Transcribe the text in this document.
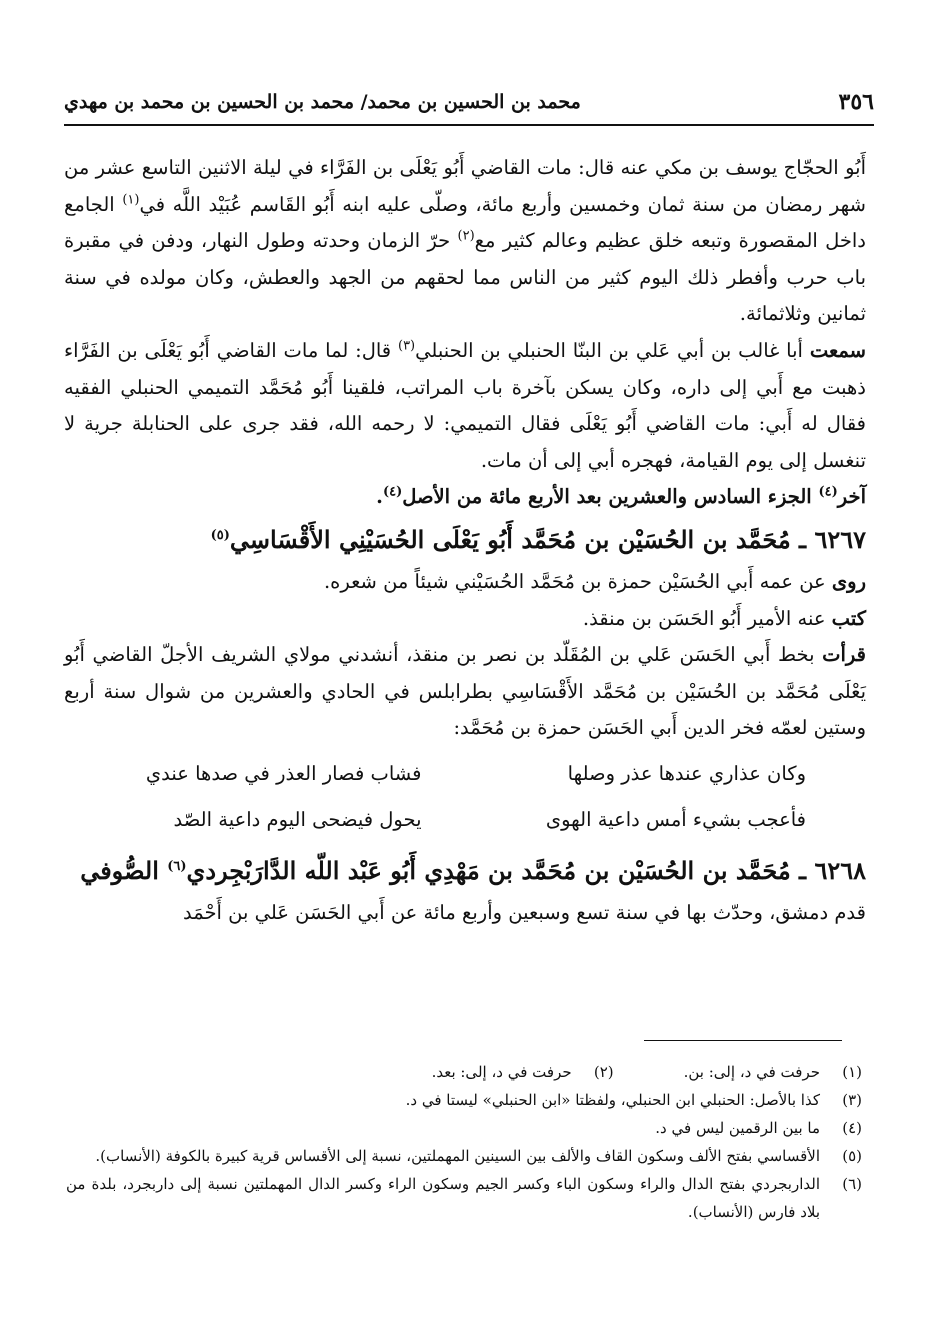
٣٥٦
محمد بن الحسين بن محمد/ محمد بن الحسين بن محمد بن مهدي

أَبُو الحجّاج يوسف بن مكي عنه قال: مات القاضي أَبُو يَعْلَى بن الفَرَّاء في ليلة الاثنين التاسع عشر من شهر رمضان من سنة ثمان وخمسين وأربع مائة، وصلّى عليه ابنه أَبُو القَاسم عُبَيْد اللَّه في$^{(١)}$ الجامع داخل المقصورة وتبعه خلق عظيم وعالم كثير مع$^{(٢)}$ حرّ الزمان وحدته وطول النهار، ودفن في مقبرة باب حرب وأفطر ذلك اليوم كثير من الناس مما لحقهم من الجهد والعطش، وكان مولده في سنة ثمانين وثلاثمائة.

سمعت أبا غالب بن أبي عَلي بن البنّا الحنبلي بن الحنبلي$^{(٣)}$ قال: لما مات القاضي أَبُو يَعْلَى بن الفَرَّاء ذهبت مع أَبي إلى داره، وكان يسكن بآخرة باب المراتب، فلقينا أَبُو مُحَمَّد التميمي الحنبلي الفقيه فقال له أَبي: مات القاضي أَبُو يَعْلَى فقال التميمي: لا رحمه الله، فقد جرى على الحنابلة جرية لا تنغسل إلى يوم القيامة، فهجره أبي إلى أن مات.

آخر$^{(٤)}$ الجزء السادس والعشرين بعد الأربع مائة من الأصل$^{(٤)}$.

٦٢٦٧ ـ مُحَمَّد بن الحُسَيْن بن مُحَمَّد أَبُو يَعْلَى الحُسَيْنِي الأَقْسَاسِي$^{(٥)}$

روى عن عمه أَبي الحُسَيْن حمزة بن مُحَمَّد الحُسَيْني شيئاً من شعره.

كتب عنه الأمير أَبُو الحَسَن بن منقذ.

قرأت بخط أَبي الحَسَن عَلي بن المُقَلّد بن نصر بن منقذ، أنشدني مولاي الشريف الأجلّ القاضي أَبُو يَعْلَى مُحَمَّد بن الحُسَيْن بن مُحَمَّد الأَقْسَاسِي بطرابلس في الحادي والعشرين من شوال سنة أربع وستين لعمّه فخر الدين أَبي الحَسَن حمزة بن مُحَمَّد:

وكان عذاري عندها عذر وصلها
فشاب فصار العذر في صدها عندي
فأعجب بشيء أمس داعية الهوى
يحول فيضحى اليوم داعية الصّد

٦٢٦٨ ـ مُحَمَّد بن الحُسَيْن بن مُحَمَّد بن مَهْدِي أَبُو عَبْد اللّه الدَّارَبْجِردي$^{(٦)}$ الصُّوفي

قدم دمشق، وحدّث بها في سنة تسع وسبعين وأربع مائة عن أَبي الحَسَن عَلي بن أَحْمَد

(١)
حرفت في د، إلى: بن.
(٢)
حرفت في د، إلى: بعد.
(٣)
كذا بالأصل: الحنبلي ابن الحنبلي، ولفظتا «ابن الحنبلي» ليستا في د.
(٤)
ما بين الرقمين ليس في د.
(٥)
الأقساسي بفتح الألف وسكون القاف والألف بين السينين المهملتين، نسبة إلى الأقساس قرية كبيرة بالكوفة (الأنساب).
(٦)
الداربجردي بفتح الدال والراء وسكون الباء وكسر الجيم وسكون الراء وكسر الدال المهملتين نسبة إلى داربجرد، بلدة من بلاد فارس (الأنساب).
